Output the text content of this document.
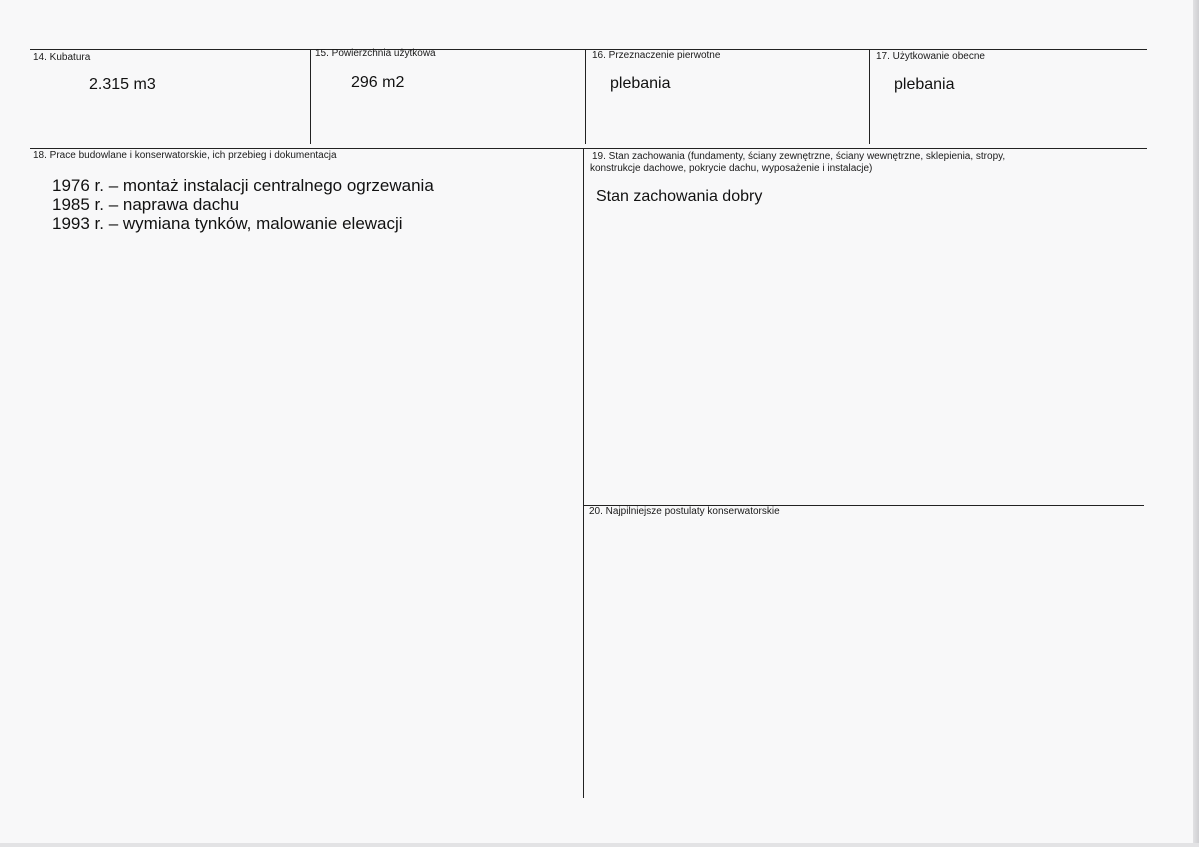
14. Kubatura
2.315 m3
15. Powierzchnia użytkowa
296 m2
16. Przeznaczenie pierwotne
plebania
17. Użytkowanie obecne
plebania
18. Prace budowlane i konserwatorskie, ich przebieg i dokumentacja
1976 r. – montaż instalacji centralnego ogrzewania
1985 r. – naprawa dachu
1993 r. – wymiana tynków, malowanie elewacji
19. Stan zachowania (fundamenty, ściany zewnętrzne, ściany wewnętrzne, sklepienia, stropy,
konstrukcje dachowe, pokrycie dachu, wyposażenie i instalacje)
Stan zachowania dobry
20. Najpilniejsze postulaty konserwatorskie
